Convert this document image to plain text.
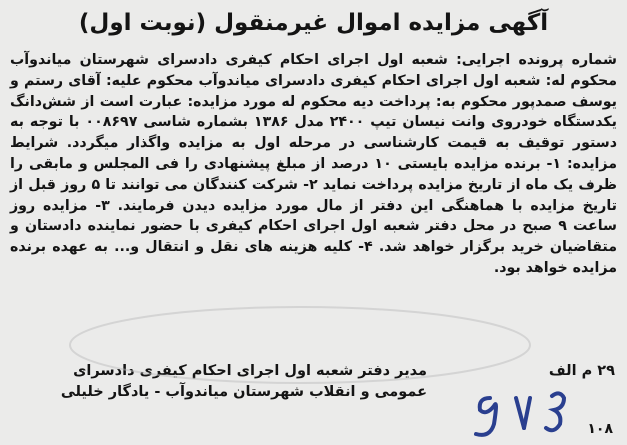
آگهی مزایده اموال غیرمنقول (نوبت اول)

شماره پرونده اجرایی: شعبه اول اجرای احکام کیفری دادسرای شهرستان میاندوآب محکوم له: شعبه اول اجرای احکام کیفری دادسرای میاندوآب محکوم علیه: آقای رستم و یوسف صمدپور محکوم به: پرداخت دیه محکوم له مورد مزایده: عبارت است از شش‌دانگ یکدستگاه خودروی وانت نیسان تیپ ۲۴۰۰ مدل ۱۳۸۶ بشماره شاسی ۰۰۸۶۹۷ با توجه به دستور توقیف به قیمت کارشناسی در مرحله اول به مزایده واگذار میگردد. شرایط مزایده: ۱- برنده مزایده بایستی ۱۰ درصد از مبلغ پیشنهادی را فی المجلس و مابقی را ظرف یک ماه از تاریخ مزایده پرداخت نماید ۲- شرکت کنندگان می توانند تا ۵ روز قبل از تاریخ مزایده با هماهنگی این دفتر از مال مورد مزایده دیدن فرمایند. ۳- مزایده روز ساعت ۹ صبح در محل دفتر شعبه اول اجرای احکام کیفری با حضور نماینده دادستان و متقاضیان خرید برگزار خواهد شد. ۴- کلیه هزینه های نقل و انتقال و... به عهده برنده مزایده خواهد بود.

۲۹ م الف
مدیر دفتر شعبه اول اجرای احکام کیفری دادسرای
عمومی و انقلاب شهرستان میاندوآب - یادگار خلیلی
۱۰۸
